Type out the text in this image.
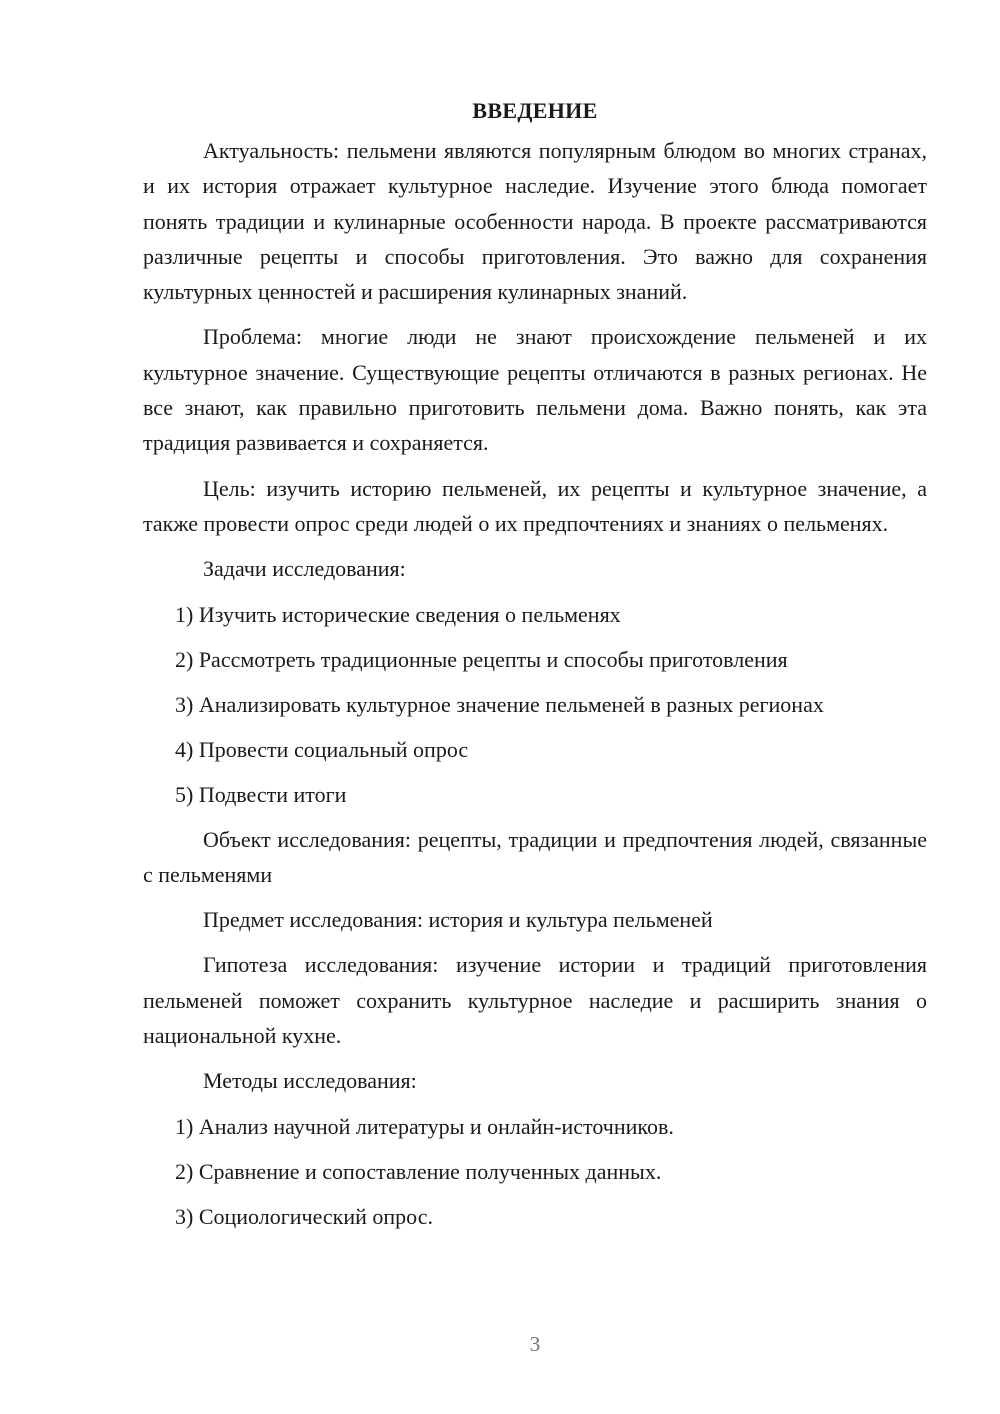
ВВЕДЕНИЕ

Актуальность: пельмени являются популярным блюдом во многих странах, и их история отражает культурное наследие. Изучение этого блюда помогает понять традиции и кулинарные особенности народа. В проекте рассматриваются различные рецепты и способы приготовления. Это важно для сохранения культурных ценностей и расширения кулинарных знаний.

Проблема: многие люди не знают происхождение пельменей и их культурное значение. Существующие рецепты отличаются в разных регионах. Не все знают, как правильно приготовить пельмени дома. Важно понять, как эта традиция развивается и сохраняется.

Цель: изучить историю пельменей, их рецепты и культурное значение, а также провести опрос среди людей о их предпочтениях и знаниях о пельменях.

Задачи исследования:

1) Изучить исторические сведения о пельменях
2) Рассмотреть традиционные рецепты и способы приготовления
3) Анализировать культурное значение пельменей в разных регионах
4) Провести социальный опрос
5) Подвести итоги

Объект исследования: рецепты, традиции и предпочтения людей, связанные с пельменями

Предмет исследования: история и культура пельменей

Гипотеза исследования: изучение истории и традиций приготовления пельменей поможет сохранить культурное наследие и расширить знания о национальной кухне.

Методы исследования:

1) Анализ научной литературы и онлайн-источников.
2) Сравнение и сопоставление полученных данных.
3) Социологический опрос.
3
